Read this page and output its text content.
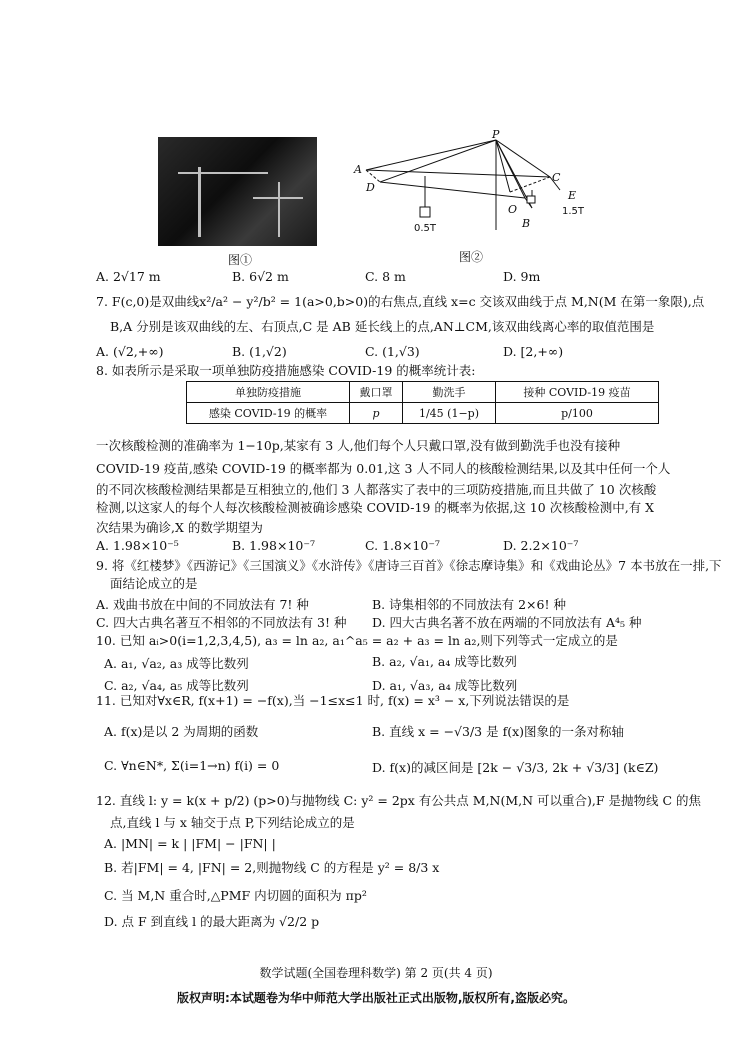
图①
P
A
D
C
E
O
B
0.5T
1.5T
图②
A. 2√17 m	B. 6√2 m	C. 8 m	D. 9m
7. F(c,0)是双曲线x²/a² − y²/b² = 1(a>0,b>0)的右焦点,直线 x=c 交该双曲线于点 M,N(M 在第一象限),点
B,A 分别是该双曲线的左、右顶点,C 是 AB 延长线上的点,AN⊥CM,该双曲线离心率的取值范围是
A. (√2,+∞)	B. (1,√2)	C. (1,√3)	D. [2,+∞)
8. 如表所示是采取一项单独防疫措施感染 COVID-19 的概率统计表:
单独防疫措施	戴口罩	勤洗手	接种 COVID-19 疫苗
感染 COVID-19 的概率	p	1/45 (1−p)	p/100
一次核酸检测的准确率为 1−10p,某家有 3 人,他们每个人只戴口罩,没有做到勤洗手也没有接种
COVID-19 疫苗,感染 COVID-19 的概率都为 0.01,这 3 人不同人的核酸检测结果,以及其中任何一个人
的不同次核酸检测结果都是互相独立的,他们 3 人都落实了表中的三项防疫措施,而且共做了 10 次核酸
检测,以这家人的每个人每次核酸检测被确诊感染 COVID-19 的概率为依据,这 10 次核酸检测中,有 X
次结果为确诊,X 的数学期望为
A. 1.98×10⁻⁵	B. 1.98×10⁻⁷	C. 1.8×10⁻⁷	D. 2.2×10⁻⁷
9. 将《红楼梦》《西游记》《三国演义》《水浒传》《唐诗三百首》《徐志摩诗集》和《戏曲论丛》7 本书放在一排,下
面结论成立的是
A. 戏曲书放在中间的不同放法有 7! 种	B. 诗集相邻的不同放法有 2×6! 种
C. 四大古典名著互不相邻的不同放法有 3! 种 D. 四大古典名著不放在两端的不同放法有 A⁴₅ 种
10. 已知 aᵢ>0(i=1,2,3,4,5), a₃ = ln a₂, a₁^a₅ = a₂ + a₃ = ln a₂,则下列等式一定成立的是
A. a₁, √a₂, a₃ 成等比数列	B. a₂, √a₁, a₄ 成等比数列
C. a₂, √a₄, a₅ 成等比数列	D. a₁, √a₃, a₄ 成等比数列
11. 已知对∀x∈R, f(x+1) = −f(x),当 −1≤x≤1 时, f(x) = x³ − x,下列说法错误的是
A. f(x)是以 2 为周期的函数	B. 直线 x = −√3/3 是 f(x)图象的一条对称轴
C. ∀n∈N*, Σ(i=1→n) f(i) = 0	D. f(x)的减区间是 [2k − √3/3, 2k + √3/3] (k∈Z)
12. 直线 l: y = k(x + p/2) (p>0)与抛物线 C: y² = 2px 有公共点 M,N(M,N 可以重合),F 是抛物线 C 的焦
点,直线 l 与 x 轴交于点 P,下列结论成立的是
A. |MN| = k | |FM| − |FN| |
B. 若|FM| = 4, |FN| = 2,则抛物线 C 的方程是 y² = 8/3 x
C. 当 M,N 重合时,△PMF 内切圆的面积为 πp²
D. 点 F 到直线 l 的最大距离为 √2/2 p
数学试题(全国卷理科数学) 第 2 页(共 4 页)
版权声明:本试题卷为华中师范大学出版社正式出版物,版权所有,盗版必究。
